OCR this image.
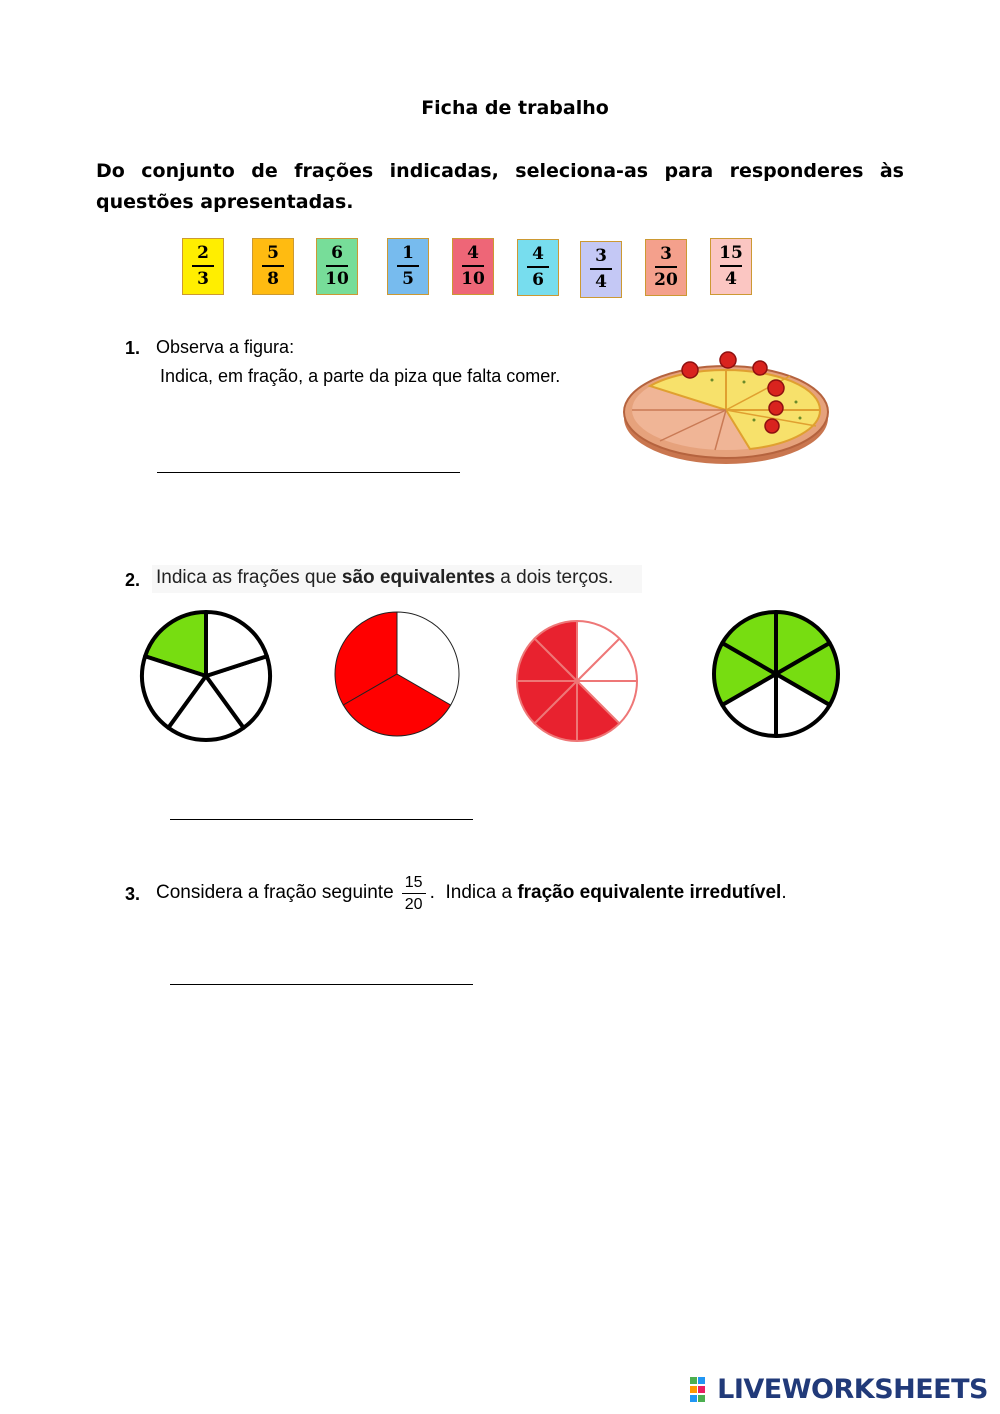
Ficha de trabalho
Do conjunto de frações indicadas, seleciona-as para responderes às questões apresentadas.
2
3
5
8
6
10
1
5
4
10
4
6
3
4
3
20
15
4
1. Observa a figura:
Indica, em fração, a parte da piza que falta comer.
2. Indica as frações que são equivalentes a dois terços.
3. Considera a fração seguinte $\frac{15}{20}$ .  Indica a fração equivalente irredutível .
LIVEWORKSHEETS
